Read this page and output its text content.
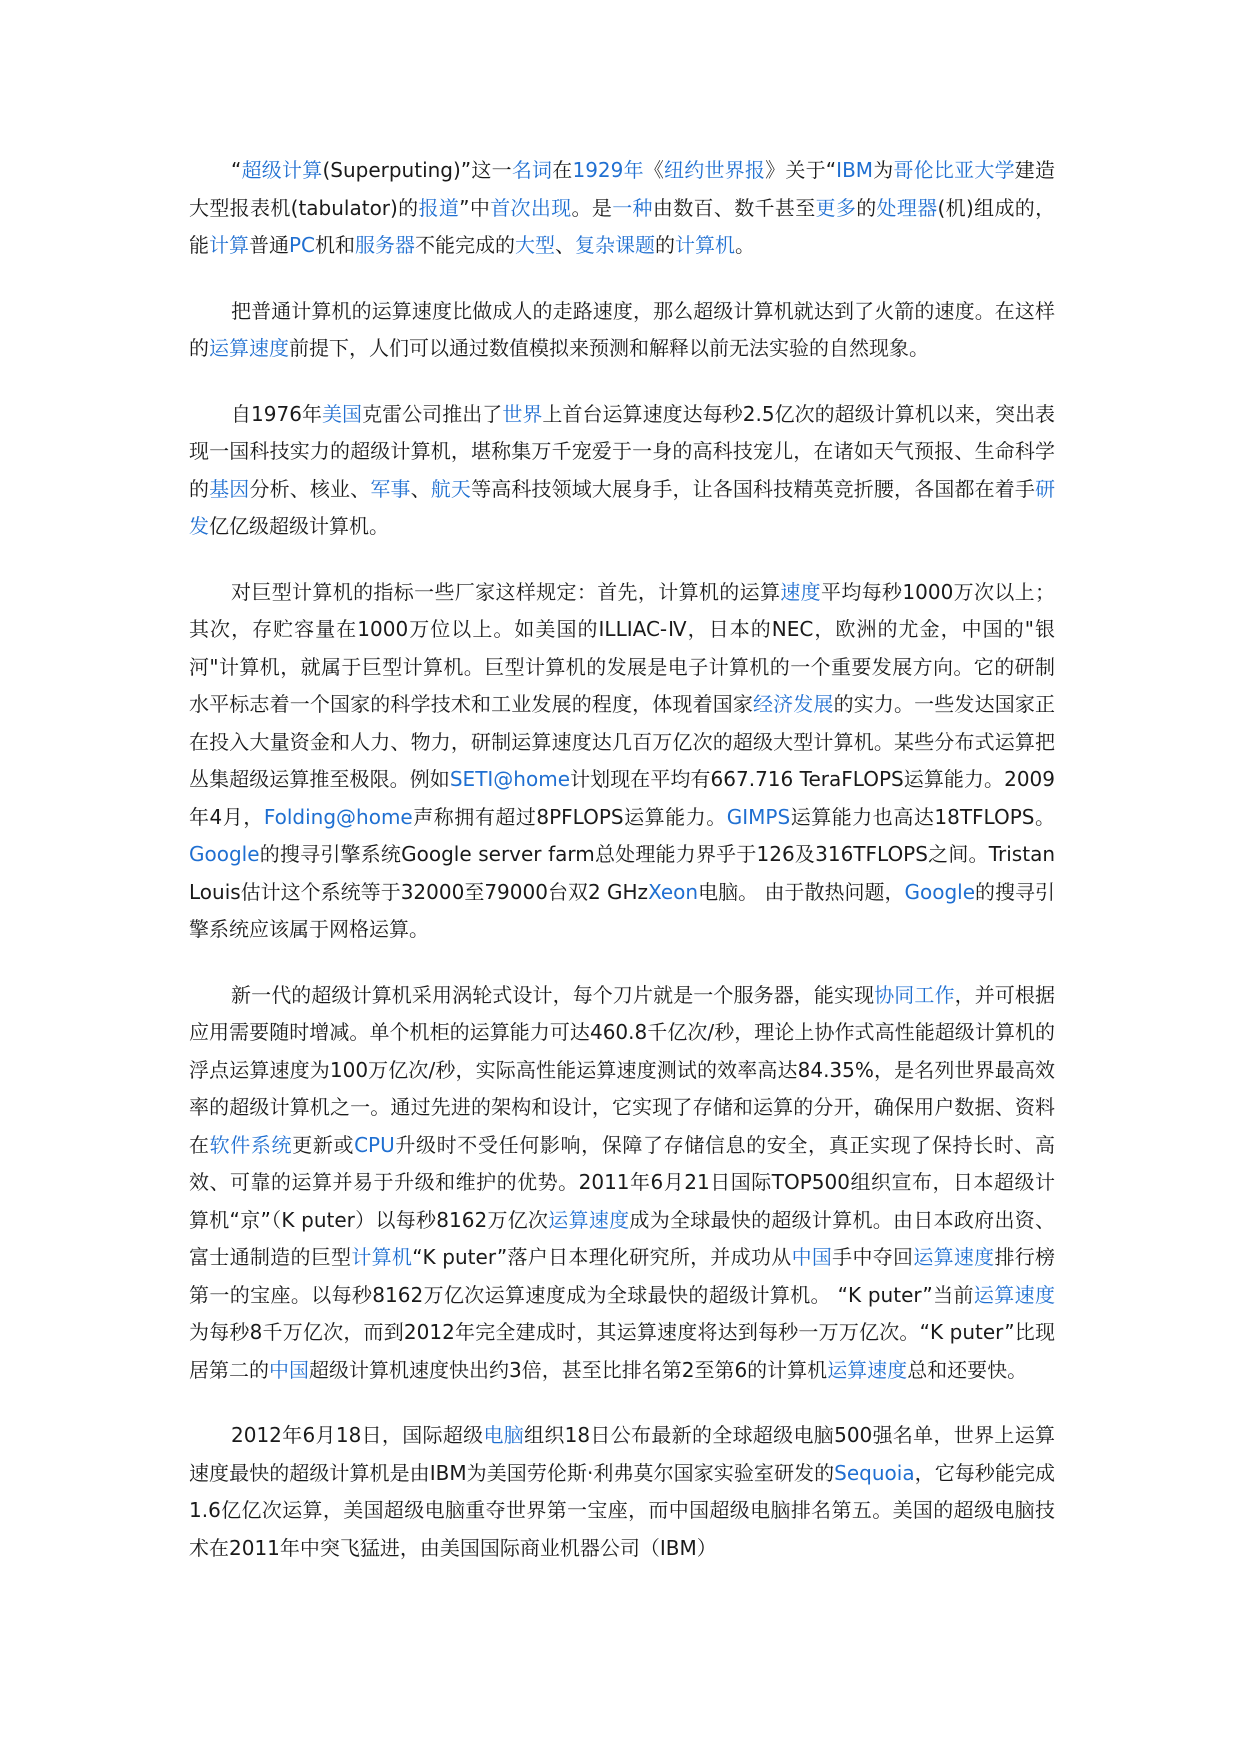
“超级计算(Superputing)”这一名词在1929年《纽约世界报》关于“IBM为哥伦比亚大学建造大型报表机(tabulator)的报道”中首次出现。是一种由数百、数千甚至更多的处理器(机)组成的，能计算普通PC机和服务器不能完成的大型、复杂课题的计算机。

把普通计算机的运算速度比做成人的走路速度，那么超级计算机就达到了火箭的速度。在这样的运算速度前提下，人们可以通过数值模拟来预测和解释以前无法实验的自然现象。

自1976年美国克雷公司推出了世界上首台运算速度达每秒2.5亿次的超级计算机以来，突出表现一国科技实力的超级计算机，堪称集万千宠爱于一身的高科技宠儿，在诸如天气预报、生命科学的基因分析、核业、军事、航天等高科技领域大展身手，让各国科技精英竞折腰，各国都在着手研发亿亿级超级计算机。

对巨型计算机的指标一些厂家这样规定：首先，计算机的运算速度平均每秒1000万次以上；其次，存贮容量在1000万位以上。如美国的ILLIAC-Ⅳ，日本的NEC，欧洲的尤金，中国的"银河"计算机，就属于巨型计算机。巨型计算机的发展是电子计算机的一个重要发展方向。它的研制水平标志着一个国家的科学技术和工业发展的程度，体现着国家经济发展的实力。一些发达国家正在投入大量资金和人力、物力，研制运算速度达几百万亿次的超级大型计算机。某些分布式运算把丛集超级运算推至极限。例如SETI@home计划现在平均有667.716 TeraFLOPS运算能力。2009年4月，Folding@home声称拥有超过8PFLOPS运算能力。GIMPS运算能力也高达18TFLOPS。Google的搜寻引擎系统Google server farm总处理能力界乎于126及316TFLOPS之间。Tristan Louis估计这个系统等于32000至79000台双2 GHzXeon电脑。 由于散热问题，Google的搜寻引擎系统应该属于网格运算。

新一代的超级计算机采用涡轮式设计，每个刀片就是一个服务器，能实现协同工作，并可根据应用需要随时增减。单个机柜的运算能力可达460.8千亿次/秒，理论上协作式高性能超级计算机的浮点运算速度为100万亿次/秒，实际高性能运算速度测试的效率高达84.35%，是名列世界最高效率的超级计算机之一。通过先进的架构和设计，它实现了存储和运算的分开，确保用户数据、资料在软件系统更新或CPU升级时不受任何影响，保障了存储信息的安全，真正实现了保持长时、高效、可靠的运算并易于升级和维护的优势。2011年6月21日国际TOP500组织宣布，日本超级计算机“京”（K puter）以每秒8162万亿次运算速度成为全球最快的超级计算机。由日本政府出资、富士通制造的巨型计算机“K puter”落户日本理化研究所，并成功从中国手中夺回运算速度排行榜第一的宝座。以每秒8162万亿次运算速度成为全球最快的超级计算机。 “K puter”当前运算速度为每秒8千万亿次，而到2012年完全建成时，其运算速度将达到每秒一万万亿次。“K puter”比现居第二的中国超级计算机速度快出约3倍，甚至比排名第2至第6的计算机运算速度总和还要快。

2012年6月18日，国际超级电脑组织18日公布最新的全球超级电脑500强名单，世界上运算速度最快的超级计算机是由IBM为美国劳伦斯·利弗莫尔国家实验室研发的Sequoia，它每秒能完成1.6亿亿次运算，美国超级电脑重夺世界第一宝座，而中国超级电脑排名第五。美国的超级电脑技术在2011年中突飞猛进，由美国国际商业机器公司（IBM）
